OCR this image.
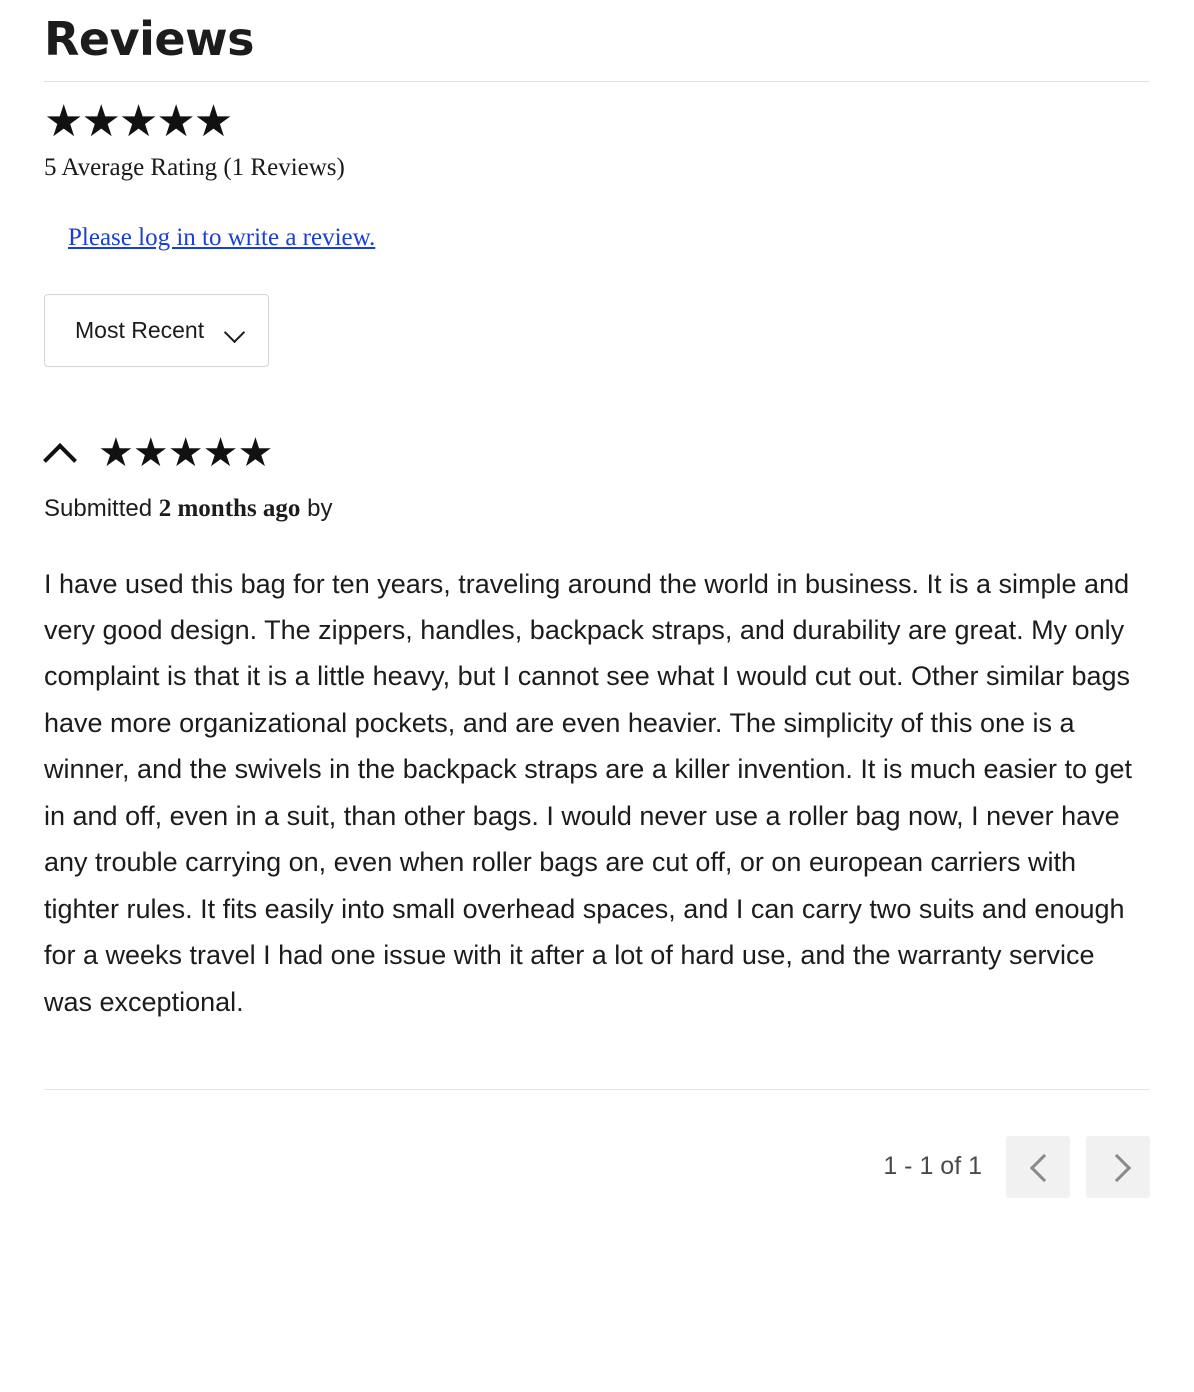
Reviews
★★★★★
5 Average Rating (1 Reviews)
Please log in to write a review.
Most Recent
★★★★★
Submitted 2 months ago by
I have used this bag for ten years, traveling around the world in business. It is a simple and very good design. The zippers, handles, backpack straps, and durability are great. My only complaint is that it is a little heavy, but I cannot see what I would cut out. Other similar bags have more organizational pockets, and are even heavier. The simplicity of this one is a winner, and the swivels in the backpack straps are a killer invention. It is much easier to get in and off, even in a suit, than other bags. I would never use a roller bag now, I never have any trouble carrying on, even when roller bags are cut off, or on european carriers with tighter rules. It fits easily into small overhead spaces, and I can carry two suits and enough for a weeks travel I had one issue with it after a lot of hard use, and the warranty service was exceptional.
1 - 1 of 1
